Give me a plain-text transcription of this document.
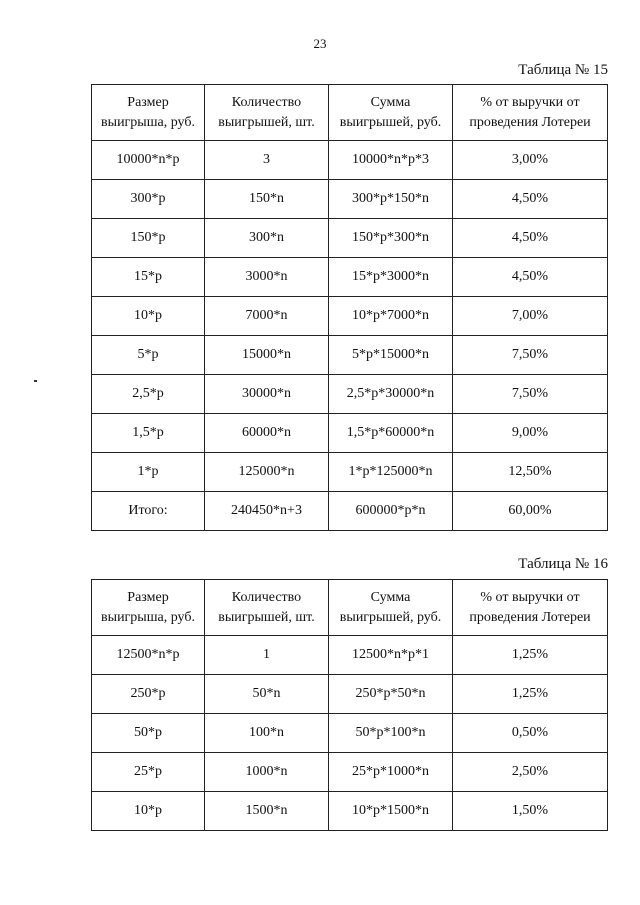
23
Таблица № 15
Размер выигрыша, руб.	Количество выигрышей, шт.	Сумма выигрышей, руб.	% от выручки от проведения Лотереи
10000*n*p	3	10000*n*p*3	3,00%
300*p	150*n	300*p*150*n	4,50%
150*p	300*n	150*p*300*n	4,50%
15*p	3000*n	15*p*3000*n	4,50%
10*p	7000*n	10*p*7000*n	7,00%
5*p	15000*n	5*p*15000*n	7,50%
2,5*p	30000*n	2,5*p*30000*n	7,50%
1,5*p	60000*n	1,5*p*60000*n	9,00%
1*p	125000*n	1*p*125000*n	12,50%
Итого:	240450*n+3	600000*p*n	60,00%
Таблица № 16
Размер выигрыша, руб.	Количество выигрышей, шт.	Сумма выигрышей, руб.	% от выручки от проведения Лотереи
12500*n*p	1	12500*n*p*1	1,25%
250*p	50*n	250*p*50*n	1,25%
50*p	100*n	50*p*100*n	0,50%
25*p	1000*n	25*p*1000*n	2,50%
10*p	1500*n	10*p*1500*n	1,50%
